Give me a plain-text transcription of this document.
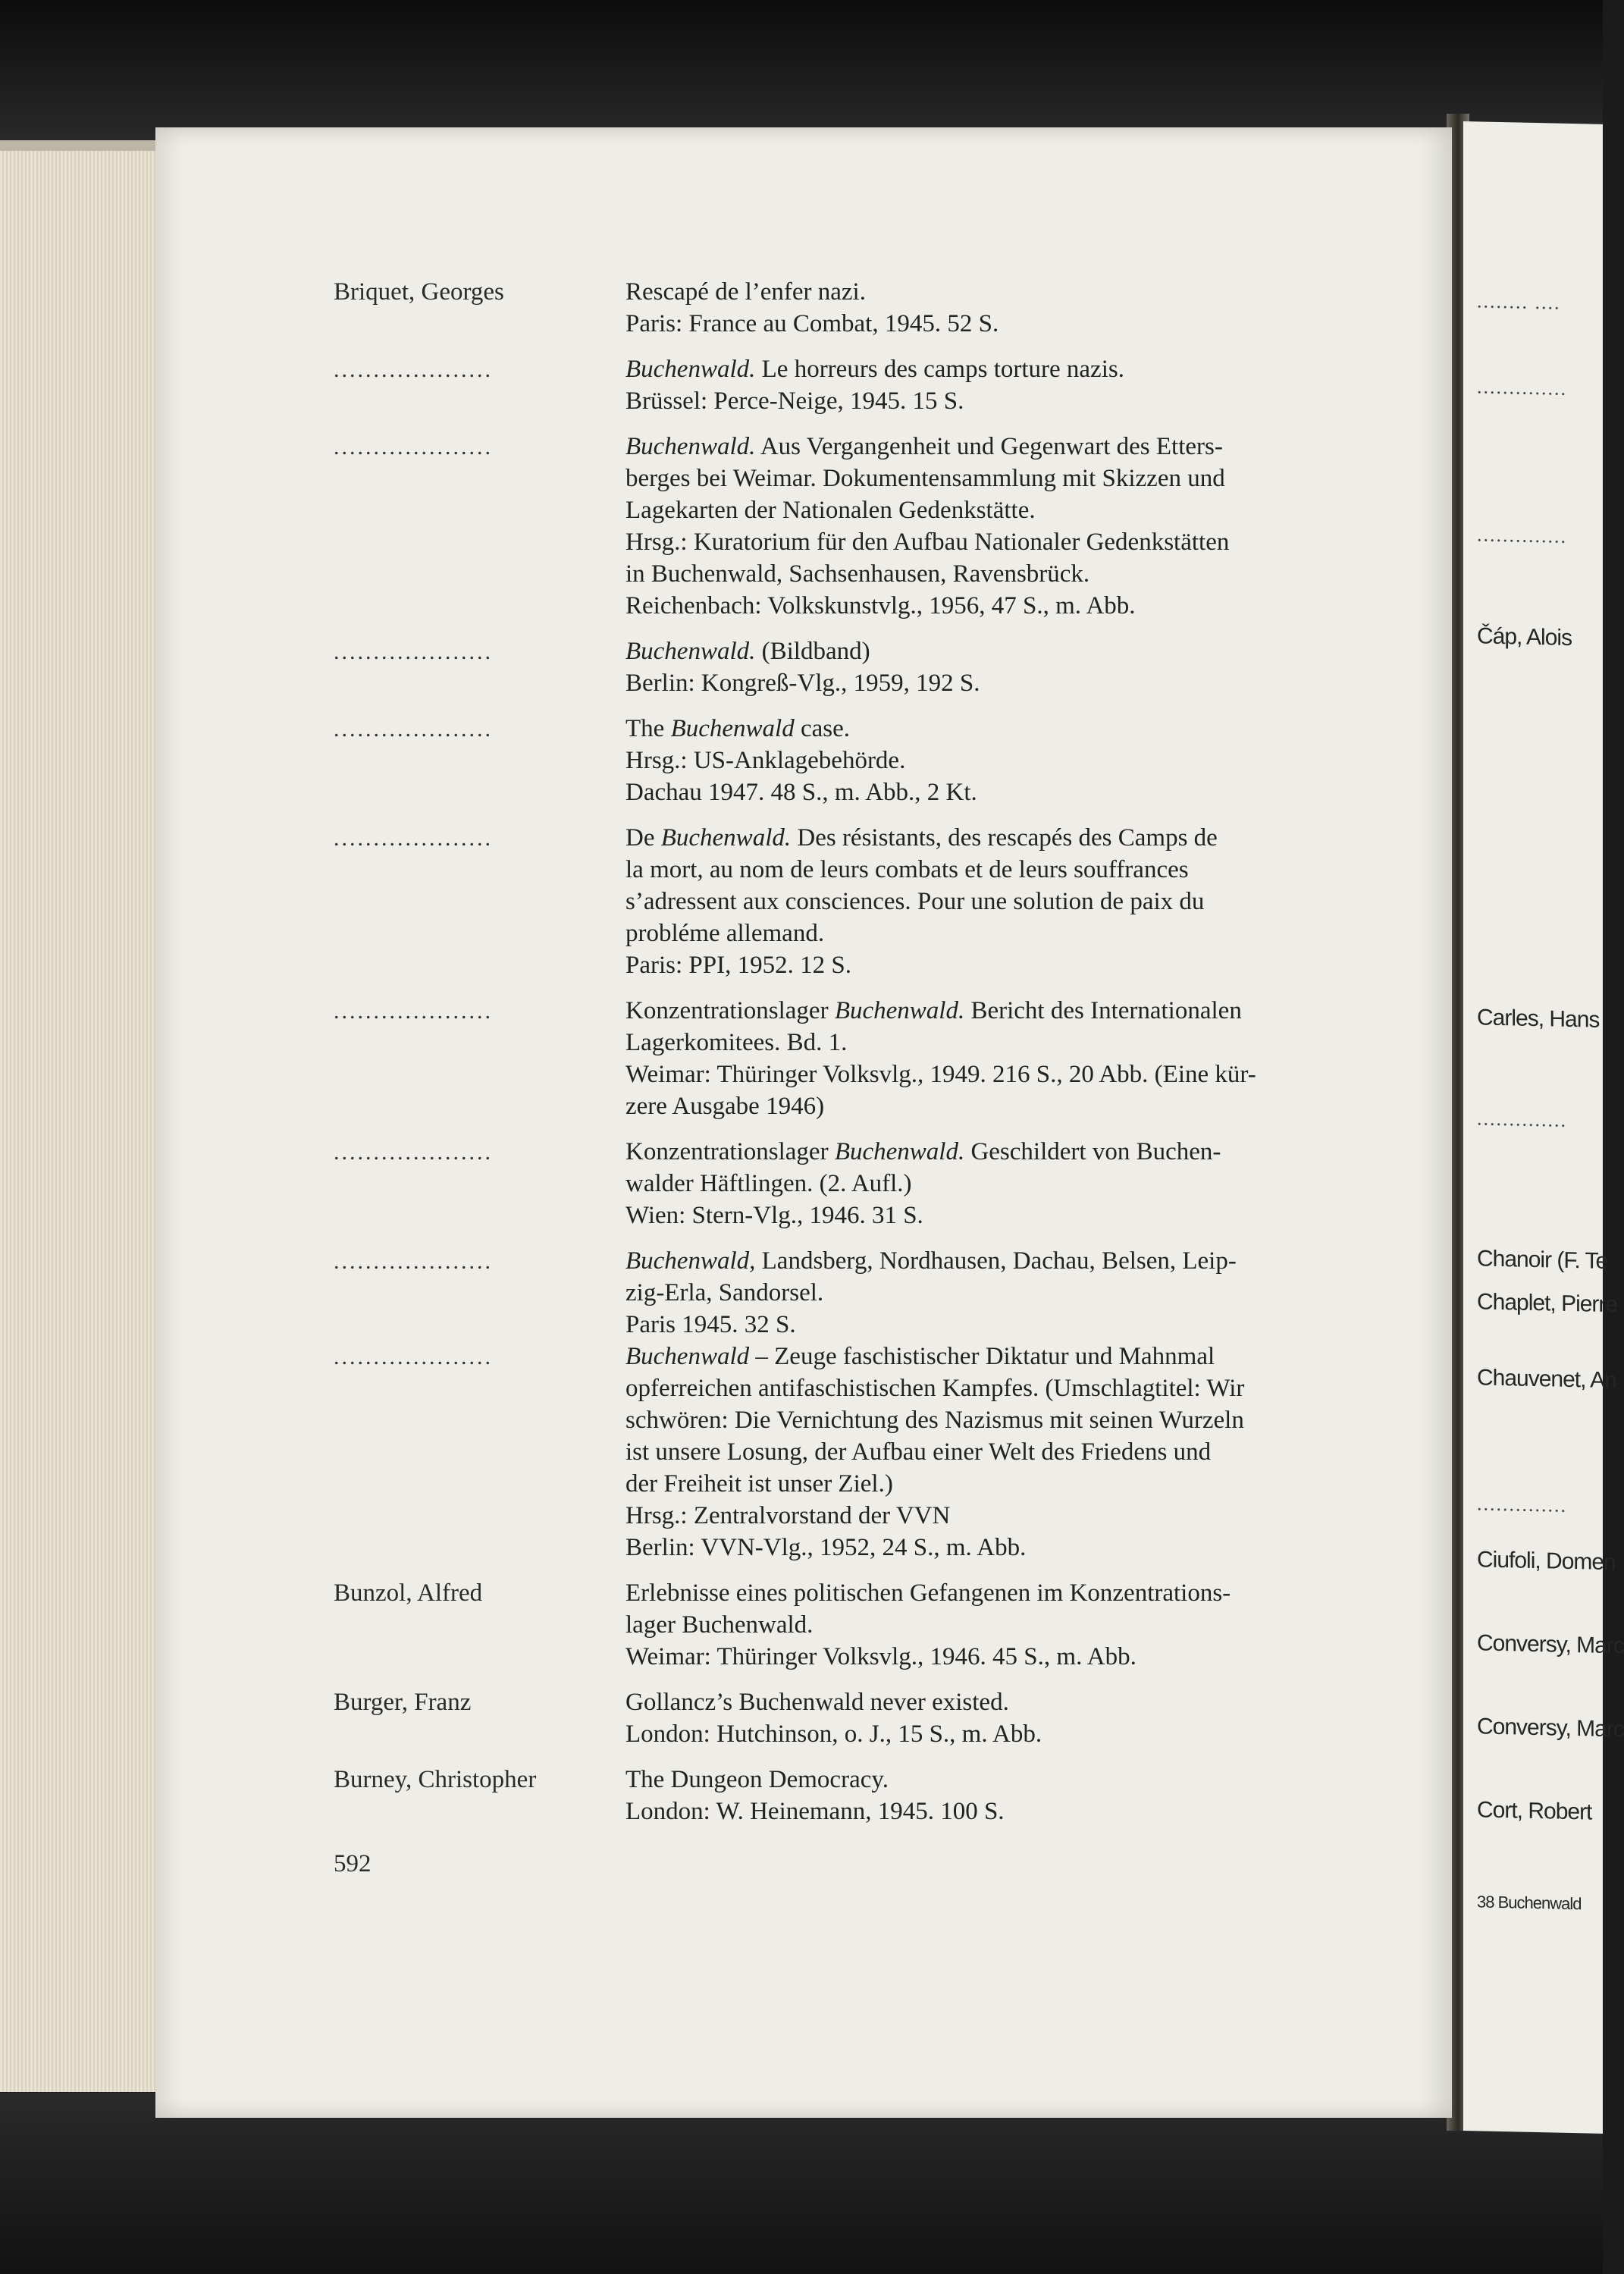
........ ....
..............
..............
Čáp, Alois
Carles, Hans
..............
Chanoir (F. Te
Chaplet, Pierre
Chauvenet, An
..............
Ciufoli, Domen
Conversy, Marc
Conversy, Marc
Cort, Robert
38 Buchenwald
Briquet, Georges	Rescapé de l’enfer nazi.
Paris: France au Combat, 1945. 52 S.
....................	Buchenwald. Le horreurs des camps torture nazis.
Brüssel: Perce-Neige, 1945. 15 S.
....................	Buchenwald. Aus Vergangenheit und Gegenwart des Etters-
berges bei Weimar. Dokumentensammlung mit Skizzen und
Lagekarten der Nationalen Gedenkstätte.
Hrsg.: Kuratorium für den Aufbau Nationaler Gedenkstätten
in Buchenwald, Sachsenhausen, Ravensbrück.
Reichenbach: Volkskunstvlg., 1956, 47 S., m. Abb.
....................	Buchenwald. (Bildband)
Berlin: Kongreß-Vlg., 1959, 192 S.
....................	The Buchenwald case.
Hrsg.: US-Anklagebehörde.
Dachau 1947. 48 S., m. Abb., 2 Kt.
....................	De Buchenwald. Des résistants, des rescapés des Camps de
la mort, au nom de leurs combats et de leurs souffrances
s’adressent aux consciences. Pour une solution de paix du
probléme allemand.
Paris: PPI, 1952. 12 S.
....................	Konzentrationslager Buchenwald. Bericht des Internationalen
Lagerkomitees. Bd. 1.
Weimar: Thüringer Volksvlg., 1949. 216 S., 20 Abb. (Eine kür-
zere Ausgabe 1946)
....................	Konzentrationslager Buchenwald. Geschildert von Buchen-
walder Häftlingen. (2. Aufl.)
Wien: Stern-Vlg., 1946. 31 S.
....................	Buchenwald, Landsberg, Nordhausen, Dachau, Belsen, Leip-
zig-Erla, Sandorsel.
Paris 1945. 32 S.
....................	Buchenwald – Zeuge faschistischer Diktatur und Mahnmal
opferreichen antifaschistischen Kampfes. (Umschlagtitel: Wir
schwören: Die Vernichtung des Nazismus mit seinen Wurzeln
ist unsere Losung, der Aufbau einer Welt des Friedens und
der Freiheit ist unser Ziel.)
Hrsg.: Zentralvorstand der VVN
Berlin: VVN-Vlg., 1952, 24 S., m. Abb.
Bunzol, Alfred	Erlebnisse eines politischen Gefangenen im Konzentrations-
lager Buchenwald.
Weimar: Thüringer Volksvlg., 1946. 45 S., m. Abb.
Burger, Franz	Gollancz’s Buchenwald never existed.
London: Hutchinson, o. J., 15 S., m. Abb.
Burney, Christopher	The Dungeon Democracy.
London: W. Heinemann, 1945. 100 S.
592
